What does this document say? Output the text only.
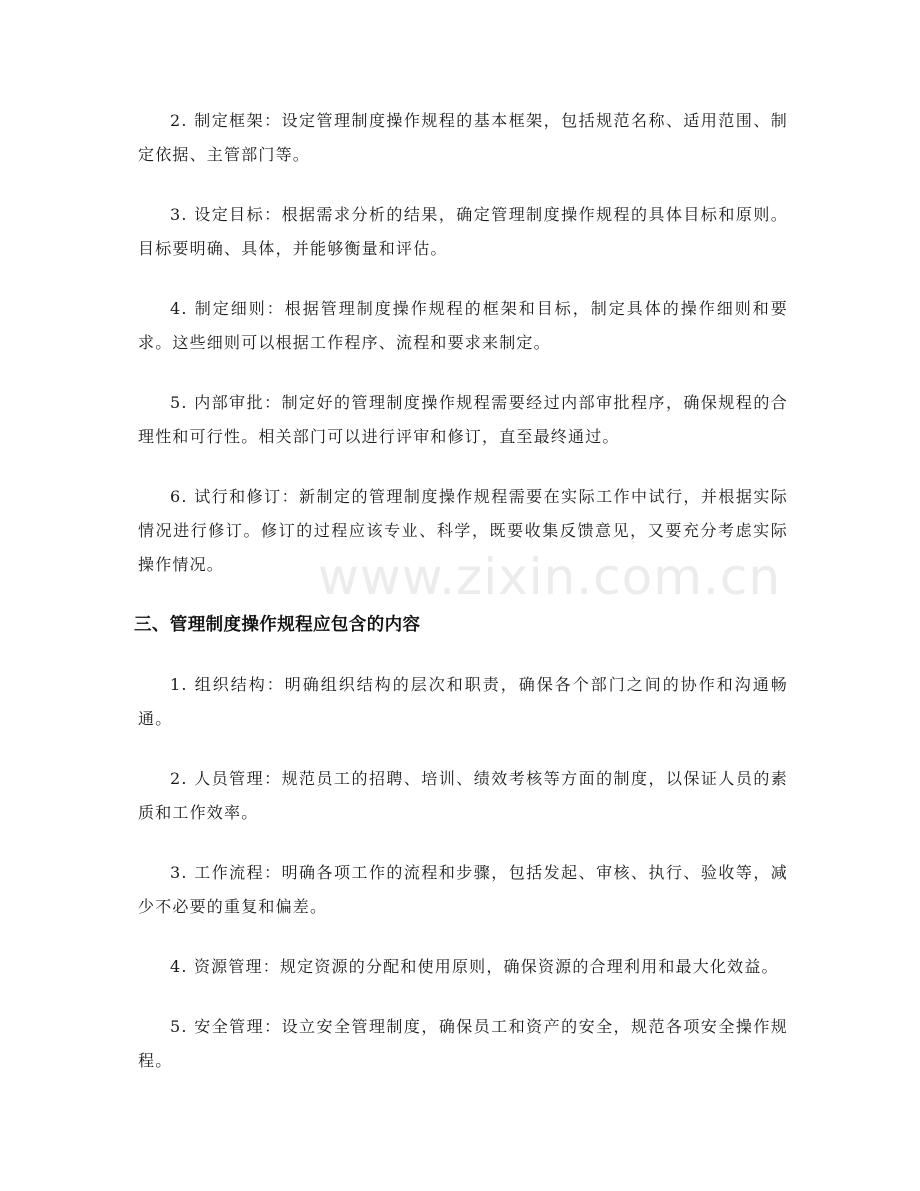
www.zixin.com.cn

2. 制定框架：设定管理制度操作规程的基本框架，包括规范名称、适用范围、制定依据、主管部门等。

3. 设定目标：根据需求分析的结果，确定管理制度操作规程的具体目标和原则。目标要明确、具体，并能够衡量和评估。

4. 制定细则：根据管理制度操作规程的框架和目标，制定具体的操作细则和要求。这些细则可以根据工作程序、流程和要求来制定。

5. 内部审批：制定好的管理制度操作规程需要经过内部审批程序，确保规程的合理性和可行性。相关部门可以进行评审和修订，直至最终通过。

6. 试行和修订：新制定的管理制度操作规程需要在实际工作中试行，并根据实际情况进行修订。修订的过程应该专业、科学，既要收集反馈意见，又要充分考虑实际操作情况。

三、管理制度操作规程应包含的内容

1. 组织结构：明确组织结构的层次和职责，确保各个部门之间的协作和沟通畅通。

2. 人员管理：规范员工的招聘、培训、绩效考核等方面的制度，以保证人员的素质和工作效率。

3. 工作流程：明确各项工作的流程和步骤，包括发起、审核、执行、验收等，减少不必要的重复和偏差。

4. 资源管理：规定资源的分配和使用原则，确保资源的合理利用和最大化效益。

5. 安全管理：设立安全管理制度，确保员工和资产的安全，规范各项安全操作规程。
